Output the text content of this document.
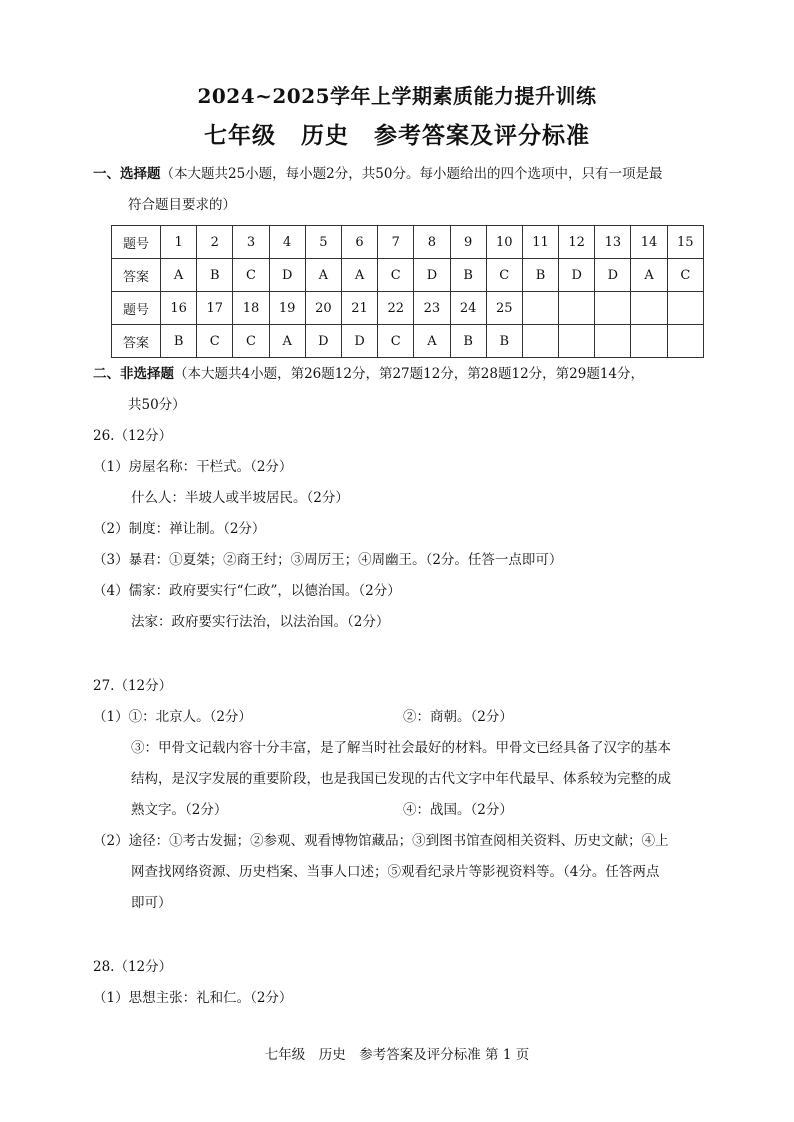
2024~2025学年上学期素质能力提升训练
七年级 历史 参考答案及评分标准
一、选择题（本大题共25小题，每小题2分，共50分。每小题给出的四个选项中，只有一项是最
符合题目要求的）
题号	1	2	3	4	5	6	7	8	9	10	11	12	13	14	15
答案	A	B	C	D	A	A	C	D	B	C	B	D	D	A	C
题号	16	17	18	19	20	21	22	23	24	25					
答案	B	C	C	A	D	D	C	A	B	B					
二、非选择题（本大题共4小题，第26题12分，第27题12分，第28题12分，第29题14分，
共50分）
26.（12分）
（1）房屋名称：干栏式。（2分）
什么人：半坡人或半坡居民。（2分）
（2）制度：禅让制。（2分）
（3）暴君：①夏桀；②商王纣；③周厉王；④周幽王。（2分。任答一点即可）
（4）儒家：政府要实行“仁政”，以德治国。（2分）
法家：政府要实行法治，以法治国。（2分）
27.（12分）
（1）①：北京人。（2分）	②：商朝。（2分）
③：甲骨文记载内容十分丰富，是了解当时社会最好的材料。甲骨文已经具备了汉字的基本
结构，是汉字发展的重要阶段，也是我国已发现的古代文字中年代最早、体系较为完整的成
熟文字。（2分）	④：战国。（2分）
（2）途径：①考古发掘；②参观、观看博物馆藏品；③到图书馆查阅相关资料、历史文献；④上
网查找网络资源、历史档案、当事人口述；⑤观看纪录片等影视资料等。（4分。任答两点
即可）
28.（12分）
（1）思想主张：礼和仁。（2分）
七年级　历史　参考答案及评分标准 第 1 页
